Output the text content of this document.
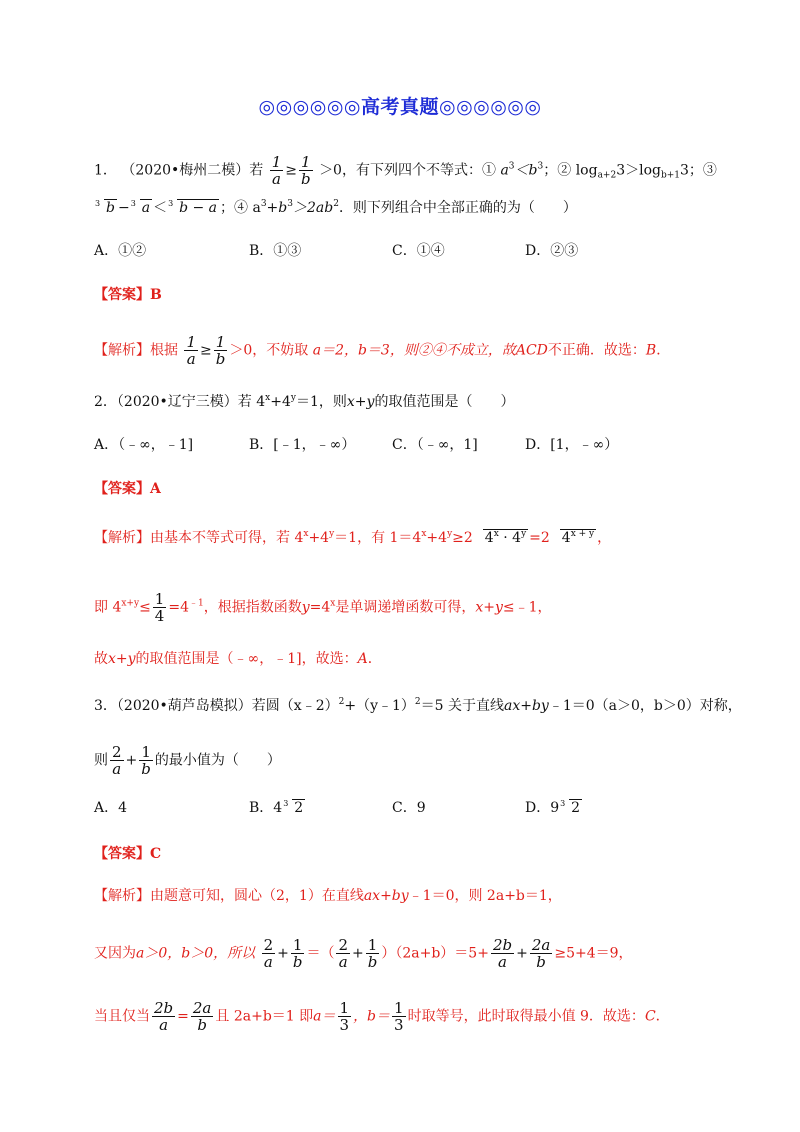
◎◎◎◎◎◎高考真题◎◎◎◎◎◎
1． （2020•梅州二模）若 $\frac{1}{a} \ge \frac{1}{b} >0$，有下列四个不等式：① $a^3<b^3$；② $\log_{a+2}3>\log_{b+1}3$；③
3 b − 3 a ＜ 3 b − a ；④ $a^3+b^3>2ab^2$．则下列组合中全部正确的为（　　）
A．①②	B．①③	C．①④	D．②③
【答案】B
【解析】根据 $\frac{1}{a} \ge \frac{1}{b} >0$，不妨取 a＝2，b＝3，则②④不成立，故ACD不正确．故选：B．
2．（2020•辽宁三模）若 $4^x+4^y=1$，则x+y的取值范围是（　　）
A．（﹣∞，﹣1]	B．[﹣1，﹣∞）	C．（﹣∞，1]	D．[1，﹣∞）
【答案】A
【解析】由基本不等式可得，若 $4^x+4^y=1$，有 $1=4^x+4^y\ge 2$ $4^x \cdot 4^y =2$ $4^{x + y}$ ，
即 $4^{x+y}\le \frac{1}{4} =4^{﹣1}$，根据指数函数$y=4^x$是单调递增函数可得，x+y≤﹣1，
故x+y的取值范围是（﹣∞，﹣1]，故选：A．
3．（2020•葫芦岛模拟）若圆（x﹣2）$^2$+（y﹣1）$^2$＝5 关于直线ax+by﹣1＝0（a＞0，b＞0）对称，
则 $\frac{2}{a} + \frac{1}{b}$ 的最小值为（　　）
A．4	B．4 3 2	C．9	D．9 3 2
【答案】C
【解析】由题意可知，圆心（2，1）在直线ax+by﹣1＝0，则 2a+b＝1，
又因为a＞0，b＞0，所以 $\frac{2}{a} + \frac{1}{b}$ ＝（ $\frac{2}{a} + \frac{1}{b} )(2a+b)=5+ \frac{2b}{a} + \frac{2a}{b} \ge 5+4=9$，
当且仅当 $\frac{2b}{a} = \frac{2a}{b}$ 且 2a+b＝1 即$a= \frac{1}{3}$ ，$b= \frac{1}{3}$ 时取等号，此时取得最小值 9．故选：C．
